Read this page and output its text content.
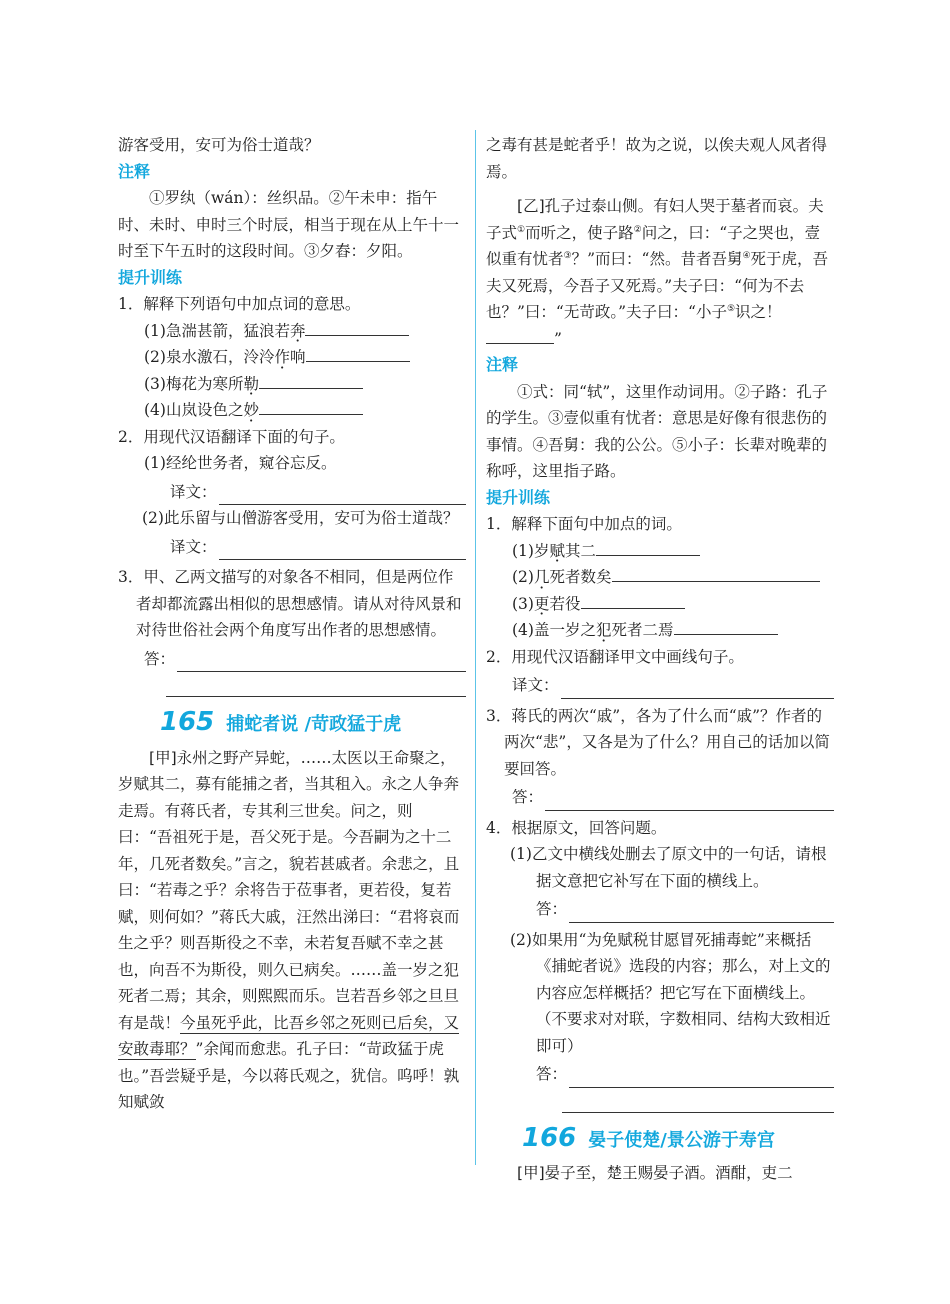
游客受用，安可为俗士道哉？

注释

①罗纨（wán）：丝织品。②午未申：指午时、未时、申时三个时辰，相当于现在从上午十一时至下午五时的这段时间。③夕舂：夕阳。

提升训练

1．解释下列语句中加点词的意思。

(1)急湍甚箭，猛浪若奔

(2)泉水激石，泠泠作响

(3)梅花为寒所勒

(4)山岚设色之妙

2．用现代汉语翻译下面的句子。

(1)经纶世务者，窥谷忘反。

译文：

(2)此乐留与山僧游客受用，安可为俗士道哉？

译文：

3．甲、乙两文描写的对象各不相同，但是两位作者却都流露出相似的思想感情。请从对待风景和对待世俗社会两个角度写出作者的思想感情。

答：
165 捕蛇者说 /苛政猛于虎

[甲]永州之野产异蛇，……太医以王命聚之，岁赋其二，募有能捕之者，当其租入。永之人争奔走焉。有蒋氏者，专其利三世矣。问之，则曰：“吾祖死于是，吾父死于是。今吾嗣为之十二年，几死者数矣。”言之，貌若甚戚者。余悲之，且曰：“若毒之乎？余将告于莅事者，更若役，复若赋，则何如？”蒋氏大戚，汪然出涕曰：“君将哀而生之乎？则吾斯役之不幸，未若复吾赋不幸之甚也，向吾不为斯役，则久已病矣。……盖一岁之犯死者二焉；其余，则熙熙而乐。岂若吾乡邻之旦旦有是哉！今虽死乎此，比吾乡邻之死则已后矣，又安敢毒耶？”余闻而愈悲。孔子曰：“苛政猛于虎也。”吾尝疑乎是，今以蒋氏观之，犹信。呜呼！孰知赋敛

之毒有甚是蛇者乎！故为之说，以俟夫观人风者得焉。

[乙]孔子过泰山侧。有妇人哭于墓者而哀。夫子式①而听之，使子路②问之，曰：“子之哭也，壹似重有忧者③？”而曰：“然。昔者吾舅④死于虎，吾夫又死焉，今吾子又死焉。”夫子曰：“何为不去也？”曰：“无苛政。”夫子曰：“小子⑤识之！”

注释

①式：同“轼”，这里作动词用。②子路：孔子的学生。③壹似重有忧者：意思是好像有很悲伤的事情。④吾舅：我的公公。⑤小子：长辈对晚辈的称呼，这里指子路。

提升训练

1．解释下面句中加点的词。

(1)岁赋其二

(2)几死者数矣

(3)更若役

(4)盖一岁之犯死者二焉

2．用现代汉语翻译甲文中画线句子。

译文：

3．蒋氏的两次“戚”，各为了什么而“戚”？作者的两次“悲”，又各是为了什么？用自己的话加以简要回答。

答：

4．根据原文，回答问题。

(1)乙文中横线处删去了原文中的一句话，请根据文意把它补写在下面的横线上。

答：

(2)如果用“为免赋税甘愿冒死捕毒蛇”来概括《捕蛇者说》选段的内容；那么，对上文的内容应怎样概括？把它写在下面横线上。（不要求对对联，字数相同、结构大致相近即可）

答：
166 晏子使楚/景公游于寿宫

[甲]晏子至，楚王赐晏子酒。酒酣，吏二
